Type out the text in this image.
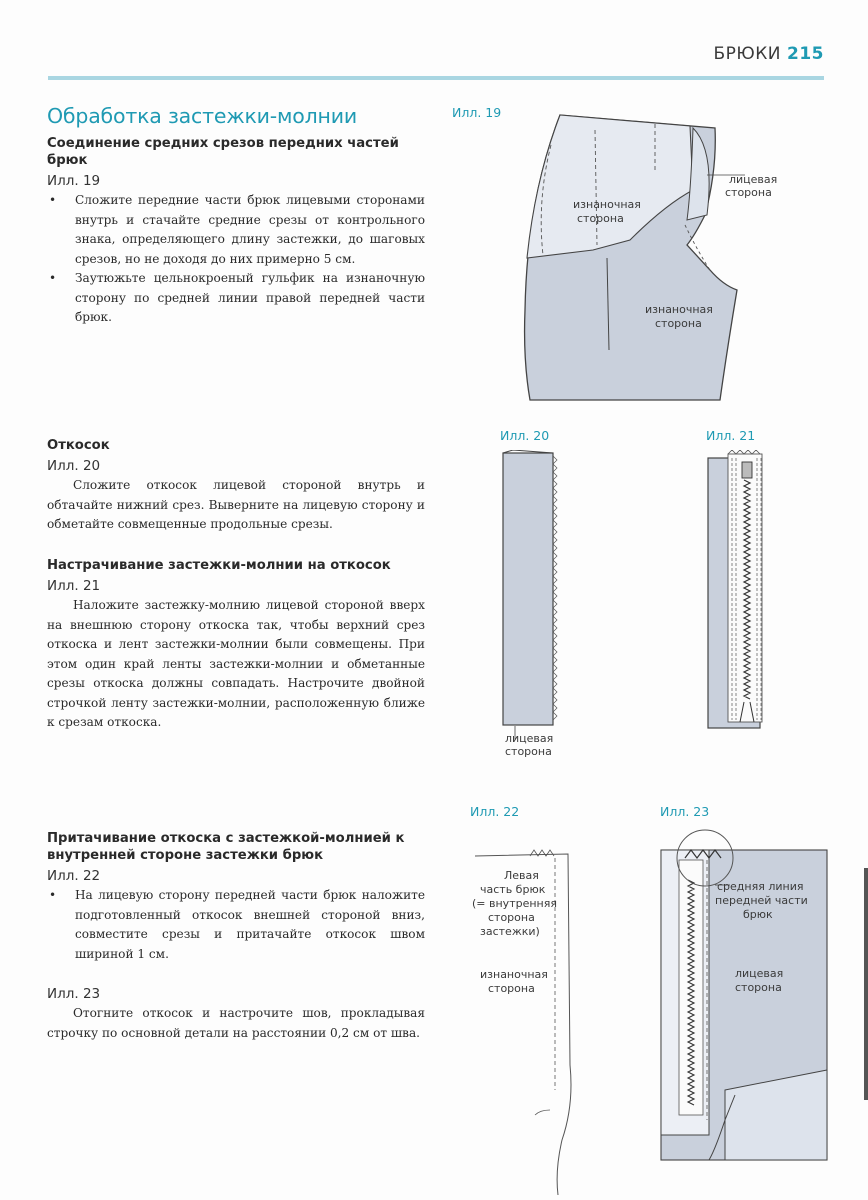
БРЮКИ 215
Обработка застежки-молнии
Соединение средних срезов передних частей брюк
Илл. 19
• Сложите передние части брюк лицевыми сторонами внутрь и стачайте средние срезы от контрольного знака, определяющего длину застежки, до шаговых срезов, но не доходя до них примерно 5 см.
• Заутюжьте цельнокроеный гульфик на изнаночную сторону по средней линии правой передней части брюк.
Откосок
Илл. 20

Сложите откосок лицевой стороной внутрь и обтачайте нижний срез. Выверните на лицевую сторону и обметайте совмещенные продольные срезы.

Настрачивание застежки-молнии на откосок
Илл. 21

Наложите застежку-молнию лицевой стороной вверх на внешнюю сторону откоска так, чтобы верхний срез откоска и лент застежки-молнии были совмещены. При этом один край ленты застежки-молнии и обметанные срезы откоска должны совпадать. Настрочите двойной строчкой ленту застежки-молнии, расположенную ближе к срезам откоска.

Притачивание откоска с застежкой-молнией к внутренней стороне застежки брюк
Илл. 22
• На лицевую сторону передней части брюк наложите подготовленный откосок внешней стороной вниз, совместите срезы и притачайте откосок швом шириной 1 см.
Илл. 23

Отогните откосок и настрочите шов, прокладывая строчку по основной детали на расстоянии 0,2 см от шва.

Илл. 19
Илл. 20	Илл. 21
Илл. 22	Илл. 23
лицевая
сторона
изнаночная
сторона
изнаночная
сторона
лицевая
сторона
Левая
часть брюк
(= внутренняя
сторона
застежки)
изнаночная
сторона
средняя линия
передней части
брюк
лицевая
сторона
